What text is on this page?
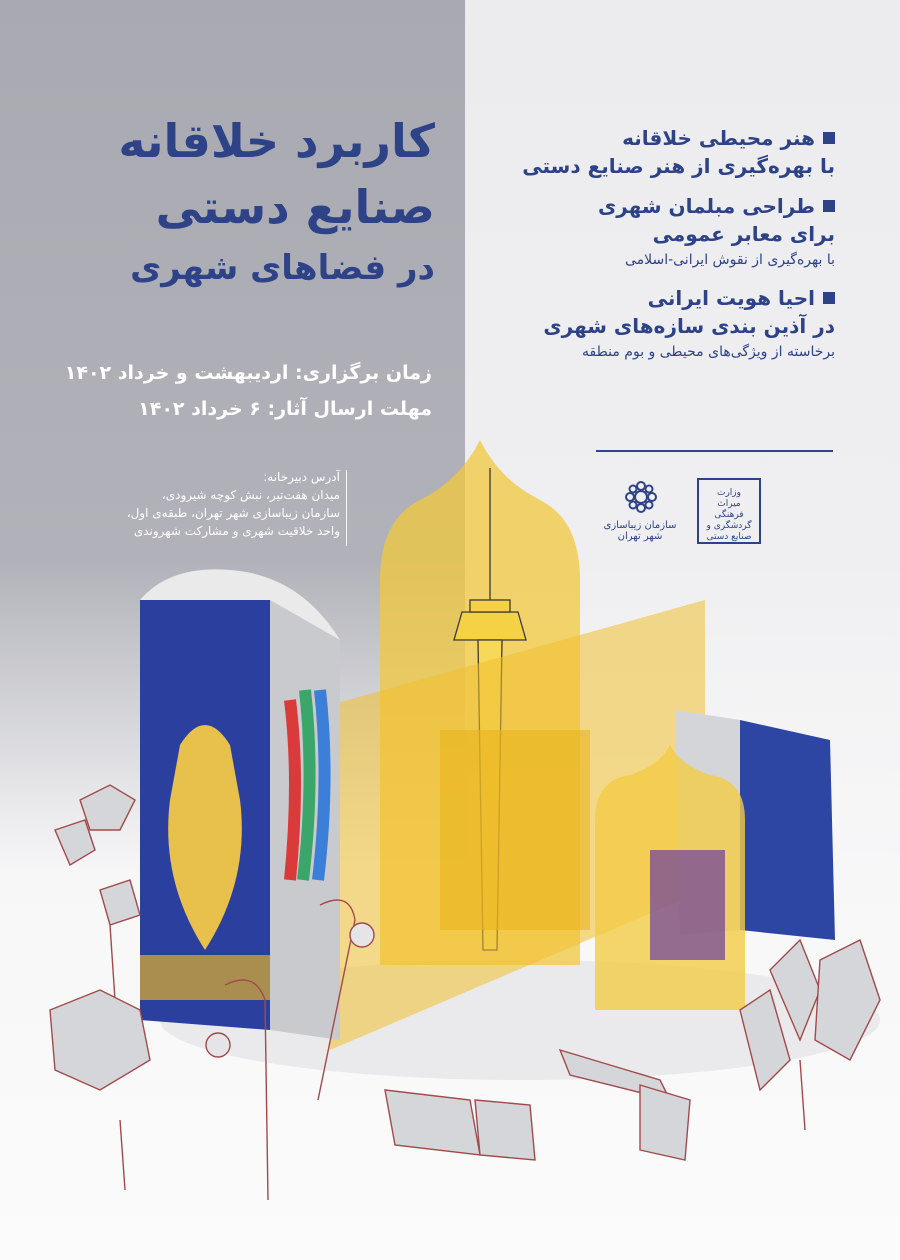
کاربرد خلاقانه
صنایع دستی
در فضاهای شهری
زمان برگزاری: اردیبهشت و خرداد ۱۴۰۲
مهلت ارسال آثار: ۶ خرداد ۱۴۰۲
آدرس دبیرخانه:
میدان هفت‌تیر، نبش کوچه شیرودی،
سازمان زیباسازی شهر تهران، طبقه‌ی اول،
واحد خلاقیت شهری و مشارکت شهروندی
هنر محیطی خلاقانه
با بهره‌گیری از هنر صنایع دستی
طراحی مبلمان شهری
برای معابر عمومی
با بهره‌گیری از نقوش ایرانی-اسلامی
احیا هویت ایرانی
در آذین بندی سازه‌های شهری
برخاسته از ویژگی‌های محیطی و بوم منطقه
وزارت میراث فرهنگی گردشگری و صنایع دستی
سازمان زیباسازی شهر تهران
